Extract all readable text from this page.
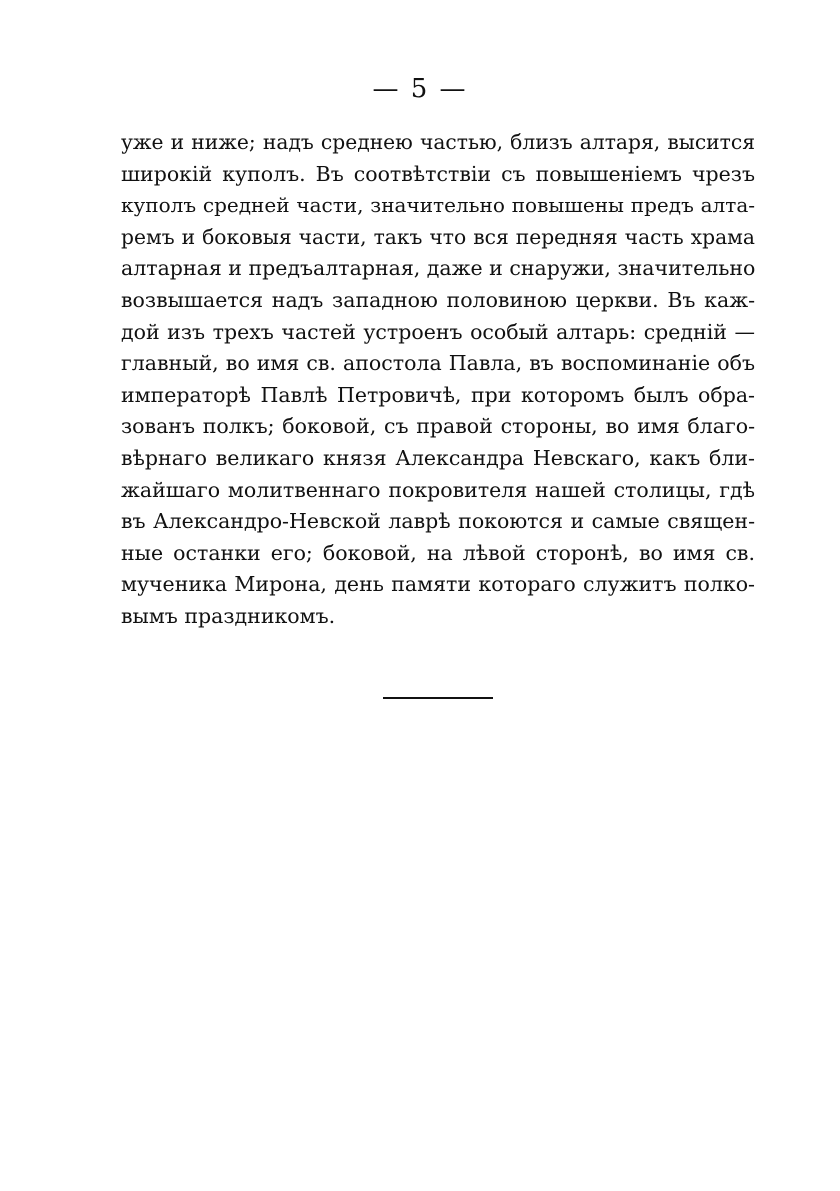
— 5 —
уже и ниже; надъ среднею частью, близъ алтаря, высится
широкій куполъ. Въ соотвѣтствіи съ повышеніемъ чрезъ
куполъ средней части, значительно повышены предъ алта-
ремъ и боковыя части, такъ что вся передняя часть храма
алтарная и предъалтарная, даже и снаружи, значительно
возвышается надъ западною половиною церкви. Въ каж-
дой изъ трехъ частей устроенъ особый алтарь: средній —
главный, во имя св. апостола Павла, въ воспоминаніе объ
императорѣ Павлѣ Петровичѣ, при которомъ былъ обра-
зованъ полкъ; боковой, съ правой стороны, во имя благо-
вѣрнаго великаго князя Александра Невскаго, какъ бли-
жайшаго молитвеннаго покровителя нашей столицы, гдѣ
въ Александро-Невской лаврѣ покоются и самые священ-
ные останки его; боковой, на лѣвой сторонѣ, во имя св.
мученика Мирона, день памяти котораго служитъ полко-
вымъ праздникомъ.
